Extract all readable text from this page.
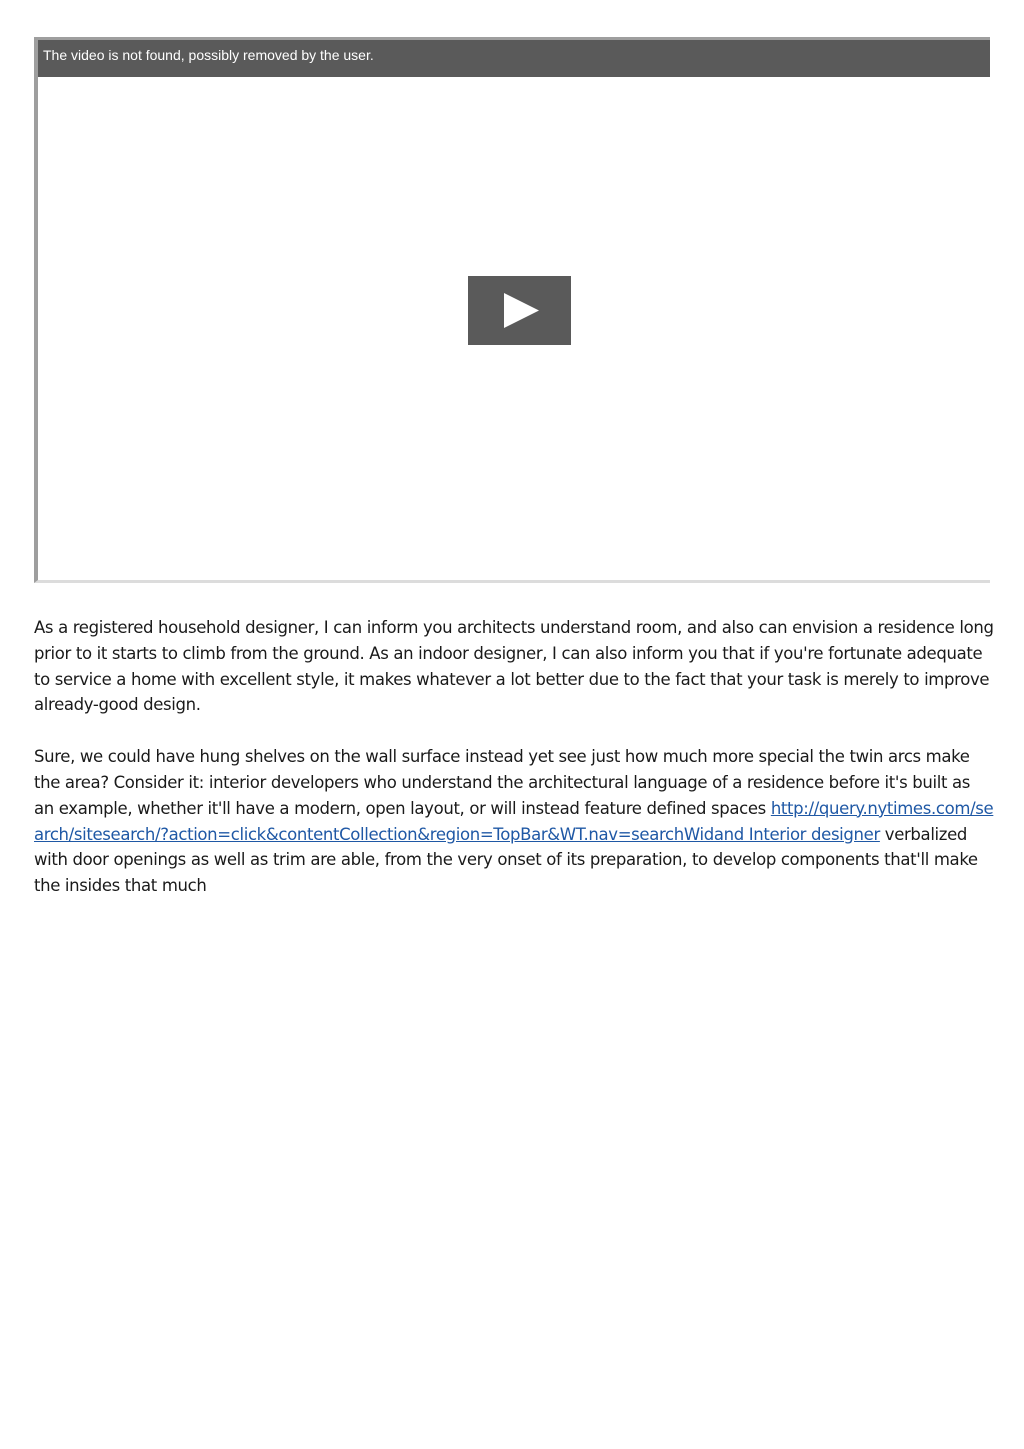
The video is not found, possibly removed by the user.

As a registered household designer, I can inform you architects understand room, and also can envision a residence long prior to it starts to climb from the ground. As an indoor designer, I can also inform you that if you're fortunate adequate to service a home with excellent style, it makes whatever a lot better due to the fact that your task is merely to improve already-good design.

Sure, we could have hung shelves on the wall surface instead yet see just how much more special the twin arcs make the area? Consider it: interior developers who understand the architectural language of a residence before it's built as an example, whether it'll have a modern, open layout, or will instead feature defined spaces http://query.nytimes.com/search/sitesearch/?action=click&contentCollection&region=TopBar&WT.nav=searchWidand Interior designer verbalized with door openings as well as trim are able, from the very onset of its preparation, to develop components that'll make the insides that much
